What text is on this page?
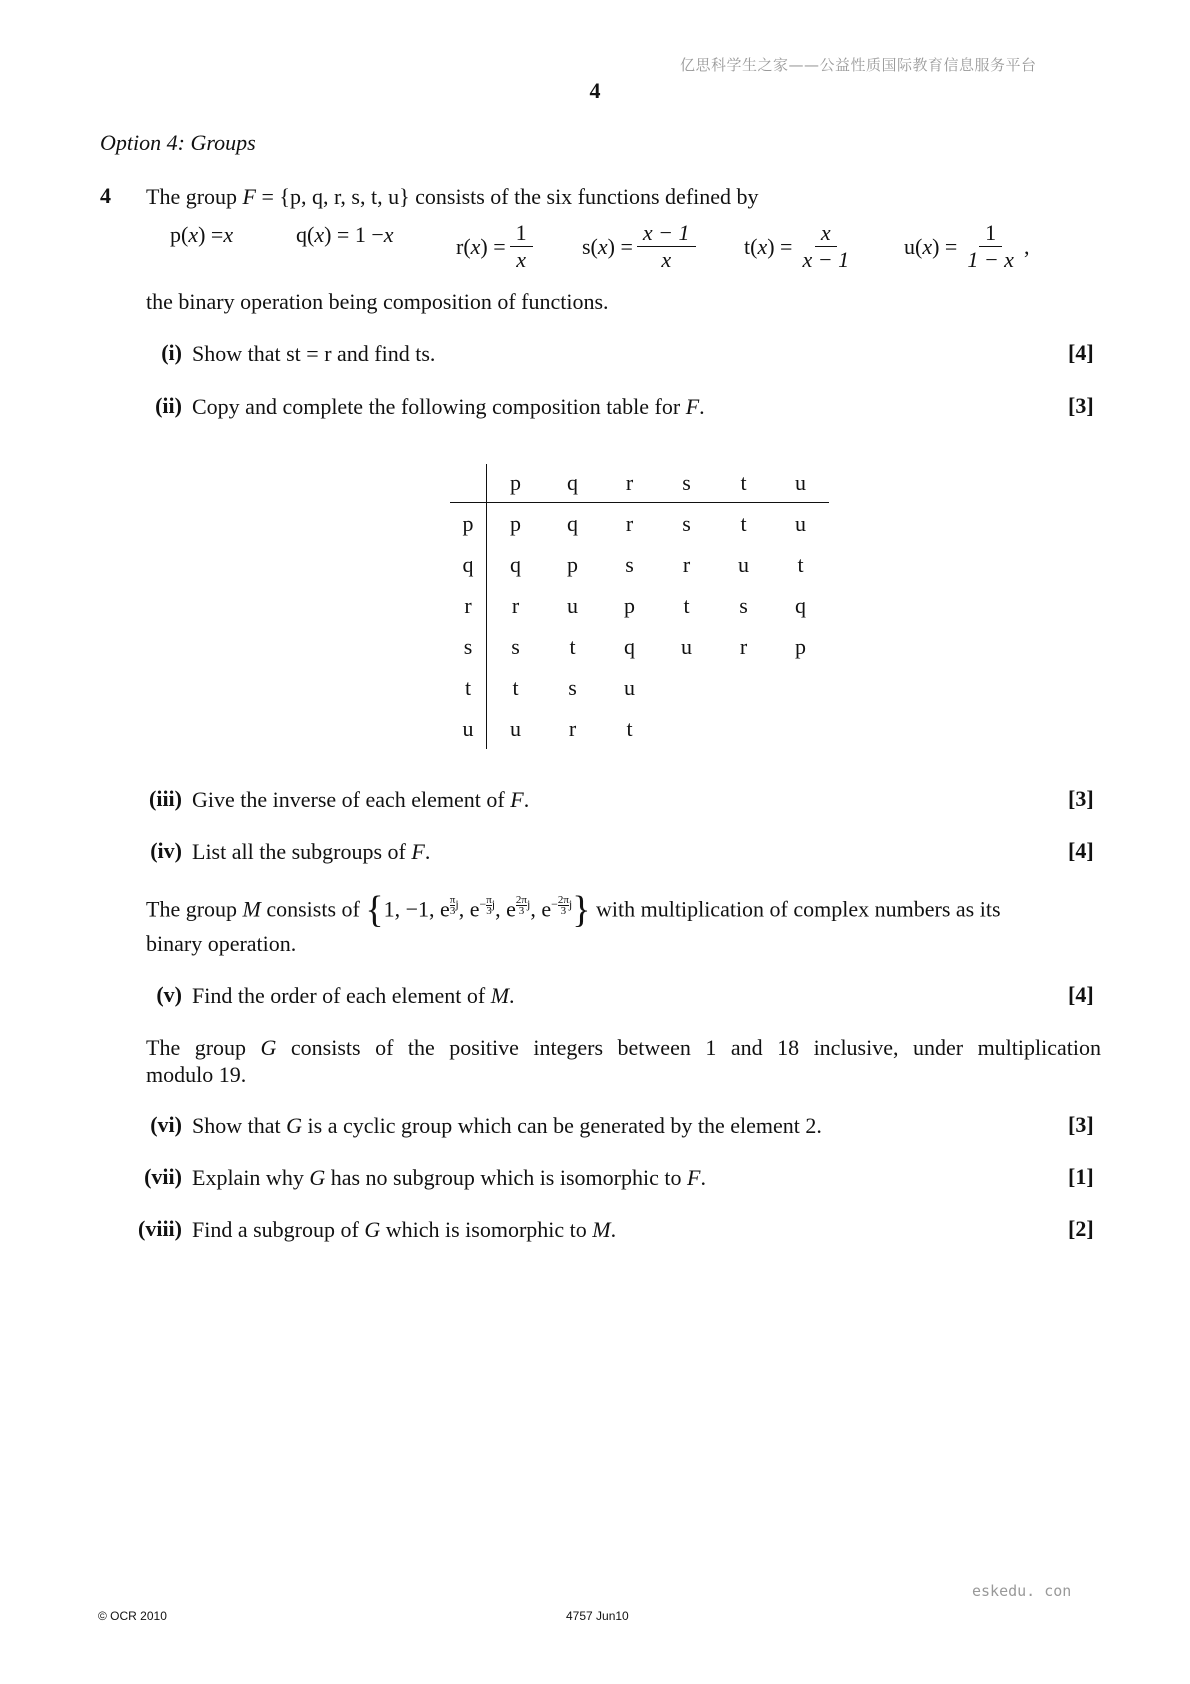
亿思科学生之家——公益性质国际教育信息服务平台
4
Option 4: Groups
4 The group F = {p, q, r, s, t, u} consists of the six functions defined by
p( x ) = x	q( x ) = 1 − x	r( x ) = $\frac{1}{x} s$( x ) = $\frac{x - 1}{x} t$( x ) = $\frac{x}{x - 1} u$( x ) = $\frac{1}{1 - x}$ ,
the binary operation being composition of functions.
(i) Show that st = r and find ts.	[4]
(ii) Copy and complete the following composition table for F.	[3]
	p	q	r	s	t	u
p	p	q	r	s	t	u
q	q	p	s	r	u	t
r	r	u	p	t	s	q
s	s	t	q	u	r	p
t	t	s	u			
u	u	r	t			
(iii) Give the inverse of each element of F.	[3]
(iv) List all the subgroups of F.	[4]
The group M consists of {1, −1, e $^{\frac{\pi}{3} j}$, $e^{- \frac{\pi}{3} j}$, e $^{\frac{2\pi}{3} j}$, $e^{- \frac{2\pi}{3} j}$} with multiplication of complex numbers as its
binary operation.
(v) Find the order of each element of M.	[4]
The group G consists of the positive integers between 1 and 18 inclusive, under multiplication
modulo 19.
(vi) Show that G is a cyclic group which can be generated by the element 2.	[3]
(vii) Explain why G has no subgroup which is isomorphic to F.	[1]
(viii) Find a subgroup of G which is isomorphic to M.	[2]
eskedu. con
© OCR 2010	4757 Jun10
